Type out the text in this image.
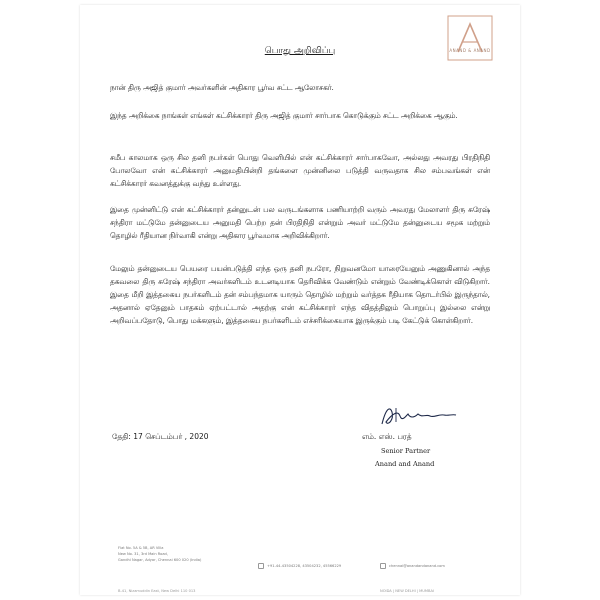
ANAND & ANAND
பொது அறிவிப்பு

நான் திரு அஜித் குமார் அவர்களின் அதிகார பூர்வ சட்ட ஆலோசகர்.

இந்த அறிக்கை நாங்கள் எங்கள் கட்சிக்காரர் திரு அஜித் குமார் சார்பாக கொடுக்கும் சட்ட அறிக்கை ஆகும்.

சமீப காலமாக ஒரு சில தனி நபர்கள் பொது வெளியில் என் கட்சிக்காரர் சார்பாகவோ, அல்லது அவரது பிரதிநிதி போலவோ என் கட்சிக்காரர் அனுமதியின்றி தங்களை முன்னிலை படுத்தி வருவதாக சில சம்பவங்கள் என் கட்சிக்காரர் கவனத்துக்கு வந்து உள்ளது.

இதை முன்னிட்டு என் கட்சிக்காரர் தன்னுடன் பல வருடங்களாக பணியாற்றி வரும் அவரது மேலாளர் திரு சுரேஷ் சந்திரா மட்டுமே தன்னுடைய அனுமதி பெற்ற தன் பிரதிநிதி என்றும் அவர் மட்டுமே தன்னுடைய சமூக மற்றும் தொழில் ரீதியான நிர்வாகி என்று அதிகார பூர்வமாக அறிவிக்கிறார்.

மேலும் தன்னுடைய பெயரை பயன்படுத்தி எந்த ஒரு தனி நபரோ, நிறுவனமோ யாரையேனும் அணுகினால் அந்த தகவலை திரு சுரேஷ் சந்திரா அவர்களிடம் உடனடியாக தெரிவிக்க வேண்டும் என்றும் வேண்டிக்கொள் விடுகிறார். இதை மீறி இத்தகைய நபர்களிடம் தன் சம்பந்தமாக யாரும் தொழில் மற்றும் வர்த்தக ரீதியாக தொடர்பில் இருந்தால், அதனால் ஏதேனும் பாதகம் ஏற்பட்டால் அதற்கு என் கட்சிக்காரர் எந்த விதத்திலும் பொறுப்பு இல்லை என்று அறிவப்பதோடு, பொது மக்களும், இத்தகைய நபர்களிடம் எச்சரிக்கையாக இருக்கும் படி கேட்டுக் கொள்கிறார்.

தேதி: 17 செப்டம்பர் , 2020	எம். எஸ். பரத்
Senior Partner
Anand and Anand
Flat No. 5A & 5B, AR Villa
New No. 31, 3rd Main Road,
Gandhi Nagar, Adyar, Chennai 600 020 (India)
+91-44-43504228, 43504232, 45566229	chennai@anandandanand.com
B-41, Nizamuddin East, New Delhi 110 013	NOIDA | NEW DELHI | MUMBAI
